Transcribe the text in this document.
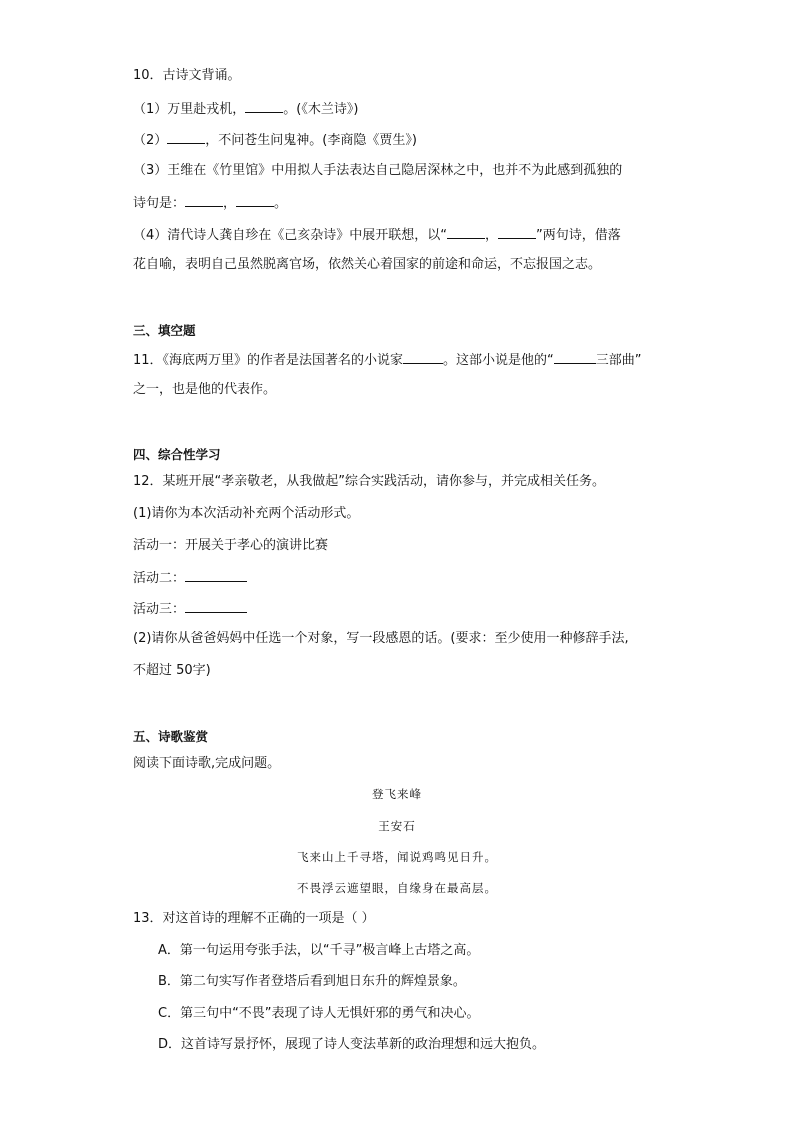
10．古诗文背诵。
（1）万里赴戎机，	。(《木兰诗》)
（2）	，不问苍生问鬼神。(李商隐《贾生》)
（3）王维在《竹里馆》中用拟人手法表达自己隐居深林之中，也并不为此感到孤独的
诗句是：	，	。
（4）清代诗人龚自珍在《己亥杂诗》中展开联想，以“	，	”两句诗，借落
花自喻，表明自己虽然脱离官场，依然关心着国家的前途和命运，不忘报国之志。
三、填空题
11．《海底两万里》的作者是法国著名的小说家	。这部小说是他的“	三部曲”
之一，也是他的代表作。
四、综合性学习
12．某班开展“孝亲敬老，从我做起”综合实践活动，请你参与，并完成相关任务。
(1)请你为本次活动补充两个活动形式。
活动一：开展关于孝心的演讲比赛
活动二：
活动三：
(2)请你从爸爸妈妈中任选一个对象，写一段感恩的话。(要求：至少使用一种修辞手法,
不超过 50字)
五、诗歌鉴赏
阅读下面诗歌,完成问题。
登飞来峰
王安石
飞来山上千寻塔，闻说鸡鸣见日升。
不畏浮云遮望眼，自缘身在最高层。
13．对这首诗的理解不正确的一项是（ ）
A．第一句运用夸张手法，以“千寻”极言峰上古塔之高。
B．第二句实写作者登塔后看到旭日东升的辉煌景象。
C．第三句中“不畏”表现了诗人无惧奸邪的勇气和决心。
D．这首诗写景抒怀，展现了诗人变法革新的政治理想和远大抱负。
